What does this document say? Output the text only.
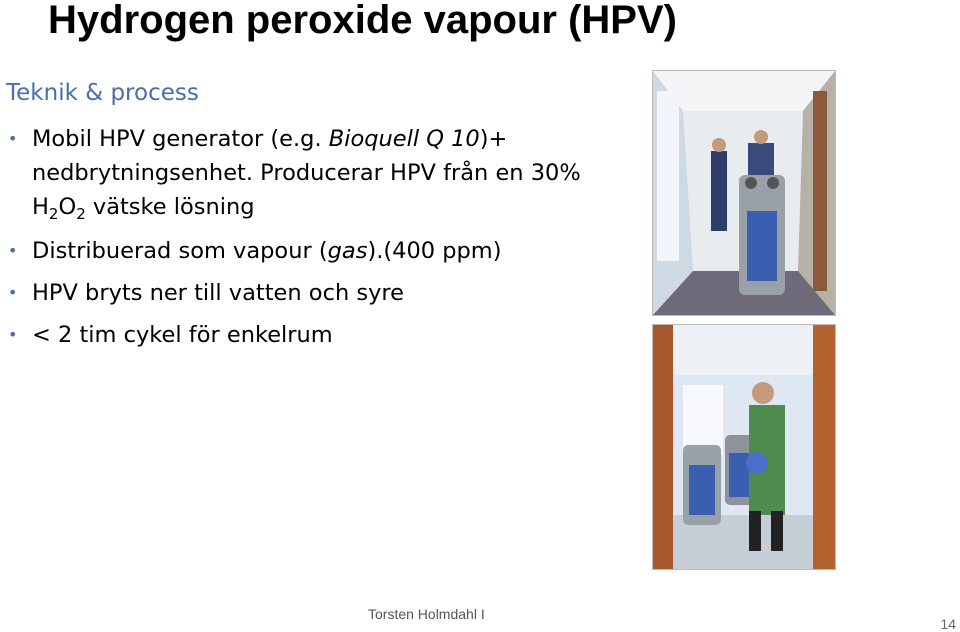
Hydrogen peroxide vapour (HPV)
Teknik & process
• Mobil HPV generator (e.g. Bioquell Q 10)+ nedbrytningsenhet. Producerar HPV från en 30% $H_2O_2$ vätske lösning
• Distribuerad som vapour (gas).(400 ppm)
• HPV bryts ner till vatten och syre
• < 2 tim cykel för enkelrum
Torsten Holmdahl I
14
